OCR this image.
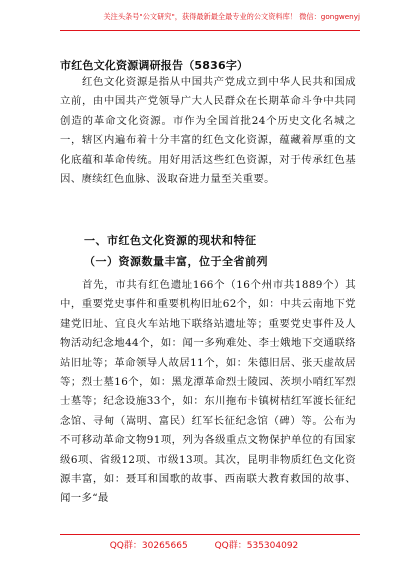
关注头条号"公文研究"，获得最新最全最专业的公文资料库！ 微信：gongwenyj
市红色文化资源调研报告（5836字）

红色文化资源是指从中国共产党成立到中华人民共和国成立前，由中国共产党领导广大人民群众在长期革命斗争中共同创造的革命文化资源。市作为全国首批24个历史文化名城之一，辖区内遍布着十分丰富的红色文化资源，蕴藏着厚重的文化底蕴和革命传统。用好用活这些红色资源，对于传承红色基因、赓续红色血脉、汲取奋进力量至关重要。

一、市红色文化资源的现状和特征
（一）资源数量丰富，位于全省前列

首先，市共有红色遗址166个（16个州市共1889个）其中，重要党史事件和重要机构旧址62个，如：中共云南地下党建党旧址、宜良火车站地下联络站遗址等；重要党史事件及人物活动纪念地44个，如：闻一多殉难处、李士娥地下交通联络站旧址等；革命领导人故居11个，如：朱德旧居、张天虚故居等；烈士墓16个，如：黑龙潭革命烈士陵园、茨坝小哨红军烈士墓等；纪念设施33个，如：东川拖布卡镇树桔红军渡长征纪念馆、寻甸（嵩明、富民）红军长征纪念馆（碑）等。公布为不可移动革命文物91项，列为各级重点文物保护单位的有国家级6项、省级12项、市级13项。其次，昆明非物质红色文化资源丰富，如：聂耳和国歌的故事、西南联大教育救国的故事、闻一多“最

QQ群：30265665	QQ群：535304092
